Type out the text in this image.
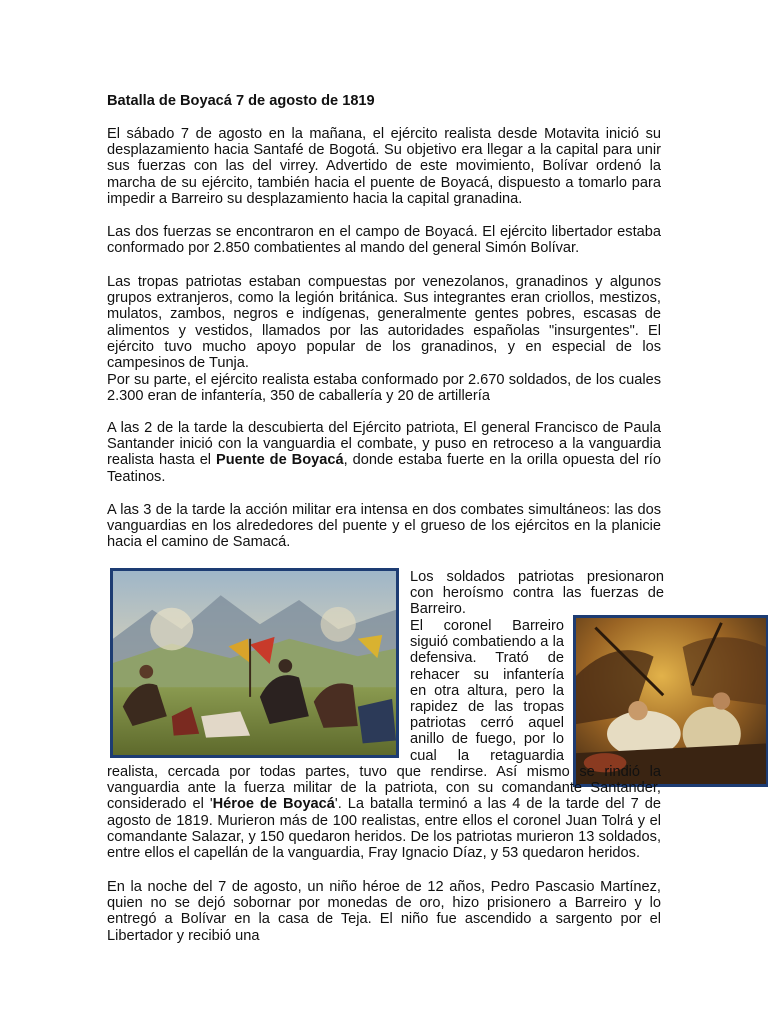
Batalla de Boyacá 7 de agosto de 1819

El sábado 7 de agosto en la mañana, el ejército realista desde Motavita inició su desplazamiento hacia Santafé de Bogotá. Su objetivo era llegar a la capital para unir sus fuerzas con las del virrey. Advertido de este movimiento, Bolívar ordenó la marcha de su ejército, también hacia el puente de Boyacá, dispuesto a tomarlo para impedir a Barreiro su desplazamiento hacia la capital granadina.

Las dos fuerzas se encontraron en el campo de Boyacá. El ejército libertador estaba conformado por 2.850 combatientes al mando del general Simón Bolívar.

Las tropas patriotas estaban compuestas por venezolanos, granadinos y algunos grupos extranjeros, como la legión británica. Sus integrantes eran criollos, mestizos, mulatos, zambos, negros e indígenas, generalmente gentes pobres, escasas de alimentos y vestidos, llamados por las autoridades españolas "insurgentes". El ejército tuvo mucho apoyo popular de los granadinos, y en especial de los campesinos de Tunja.

Por su parte, el ejército realista estaba conformado por 2.670 soldados, de los cuales 2.300 eran de infantería, 350 de caballería y 20 de artillería

A las 2 de la tarde la descubierta del Ejército patriota, El general Francisco de Paula Santander inició con la vanguardia el combate, y puso en retroceso a la vanguardia realista hasta el Puente de Boyacá, donde estaba fuerte en la orilla opuesta del río Teatinos.

A las 3 de la tarde la acción militar era intensa en dos combates simultáneos: las dos vanguardias en los alrededores del puente y el grueso de los ejércitos en la planicie hacia el camino de Samacá.

Los soldados patriotas presionaron con heroísmo contra las fuerzas de Barreiro.

El coronel Barreiro siguió combatiendo a la defensiva. Trató de rehacer su infantería en otra altura, pero la rapidez de las tropas patriotas cerró aquel anillo de fuego, por lo cual la retaguardia

realista, cercada por todas partes, tuvo que rendirse. Así mismo se rindió la vanguardia ante la fuerza militar de la patriota, con su comandante Santander, considerado el 'Héroe de Boyacá'. La batalla terminó a las 4 de la tarde del 7 de agosto de 1819. Murieron más de 100 realistas, entre ellos el coronel Juan Tolrá y el comandante Salazar, y 150 quedaron heridos. De los patriotas murieron 13 soldados, entre ellos el capellán de la vanguardia, Fray Ignacio Díaz, y 53 quedaron heridos.

En la noche del 7 de agosto, un niño héroe de 12 años, Pedro Pascasio Martínez, quien no se dejó sobornar por monedas de oro, hizo prisionero a Barreiro y lo entregó a Bolívar en la casa de Teja. El niño fue ascendido a sargento por el Libertador y recibió una
